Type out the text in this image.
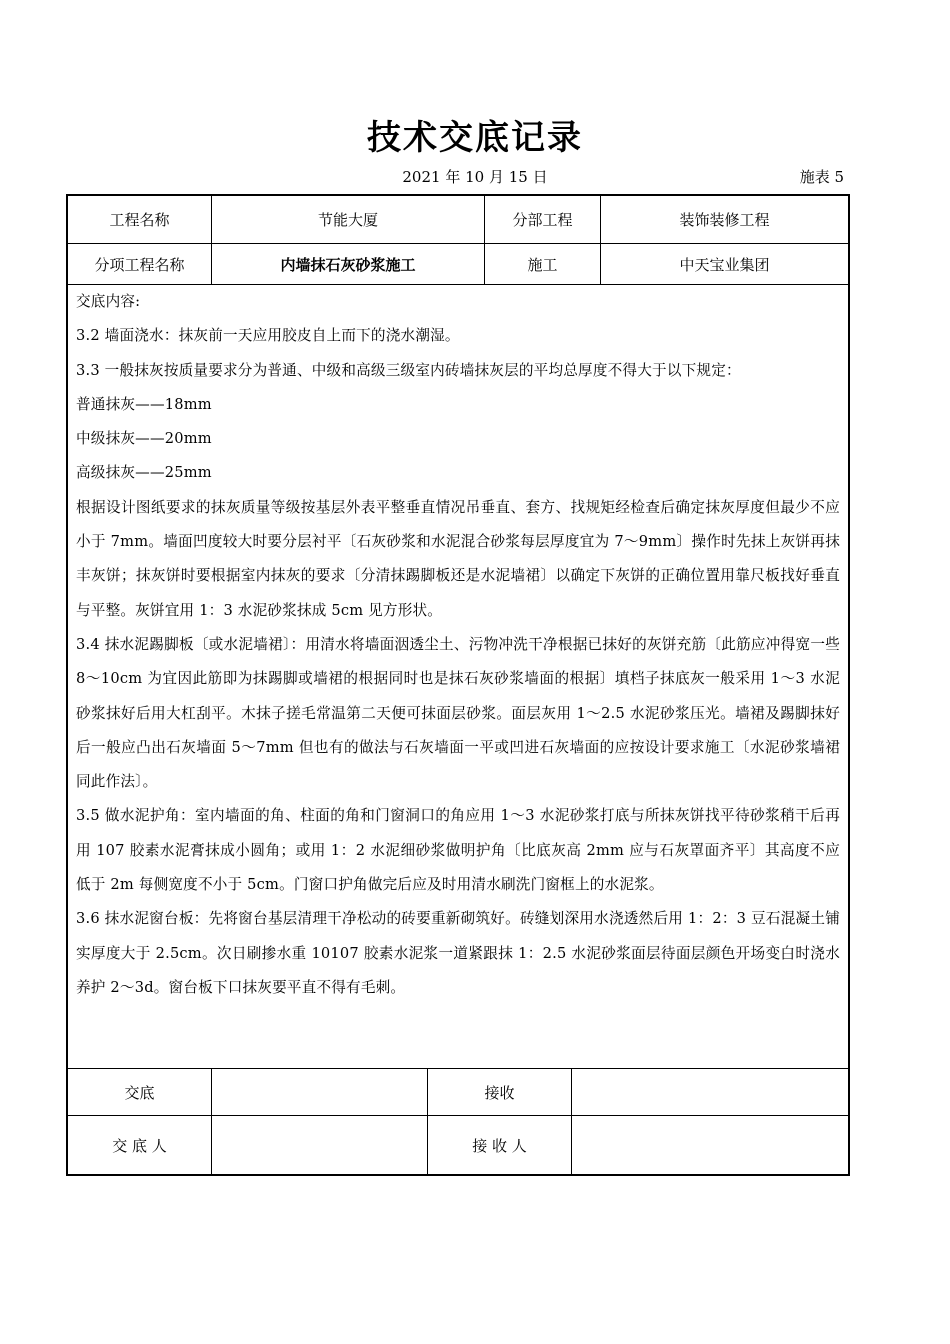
技术交底记录
2021 年 10 月 15 日	施表 5
工程名称	节能大厦	分部工程	装饰装修工程
分项工程名称	内墙抹石灰砂浆施工	施工	中天宝业集团

交底内容:

3.2 墙面浇水：抹灰前一天应用胶皮自上而下的浇水潮湿。

3.3 一般抹灰按质量要求分为普通、中级和高级三级室内砖墙抹灰层的平均总厚度不得大于以下规定：

普通抹灰——18mm

中级抹灰——20mm

高级抹灰——25mm

根据设计图纸要求的抹灰质量等级按基层外表平整垂直情况吊垂直、套方、找规矩经检查后确定抹灰厚度但最少不应小于 7mm。墙面凹度较大时要分层衬平〔石灰砂浆和水泥混合砂浆每层厚度宜为 7～9mm〕操作时先抹上灰饼再抹丰灰饼；抹灰饼时要根据室内抹灰的要求〔分清抹踢脚板还是水泥墙裙〕以确定下灰饼的正确位置用靠尺板找好垂直与平整。灰饼宜用 1：3 水泥砂浆抹成 5cm 见方形状。

3.4 抹水泥踢脚板〔或水泥墙裙〕：用清水将墙面洇透尘土、污物冲洗干净根据已抹好的灰饼充筋〔此筋应冲得宽一些 8～10cm 为宜因此筋即为抹踢脚或墙裙的根据同时也是抹石灰砂浆墙面的根据〕填档子抹底灰一般采用 1～3 水泥砂浆抹好后用大杠刮平。木抹子搓毛常温第二天便可抹面层砂浆。面层灰用 1～2.5 水泥砂浆压光。墙裙及踢脚抹好后一般应凸出石灰墙面 5～7mm 但也有的做法与石灰墙面一平或凹进石灰墙面的应按设计要求施工〔水泥砂浆墙裙同此作法〕。

3.5 做水泥护角：室内墙面的角、柱面的角和门窗洞口的角应用 1～3 水泥砂浆打底与所抹灰饼找平待砂浆稍干后再用 107 胶素水泥膏抹成小圆角；或用 1：2 水泥细砂浆做明护角〔比底灰高 2mm 应与石灰罩面齐平〕其高度不应低于 2m 每侧宽度不小于 5cm。门窗口护角做完后应及时用清水刷洗门窗框上的水泥浆。

3.6 抹水泥窗台板：先将窗台基层清理干净松动的砖要重新砌筑好。砖缝划深用水浇透然后用 1：2：3 豆石混凝土铺实厚度大于 2.5cm。次日刷掺水重 10107 胶素水泥浆一道紧跟抹 1：2.5 水泥砂浆面层待面层颜色开场变白时浇水养护 2～3d。窗台板下口抹灰要平直不得有毛刺。

交底	接收
交 底 人	接 收 人
